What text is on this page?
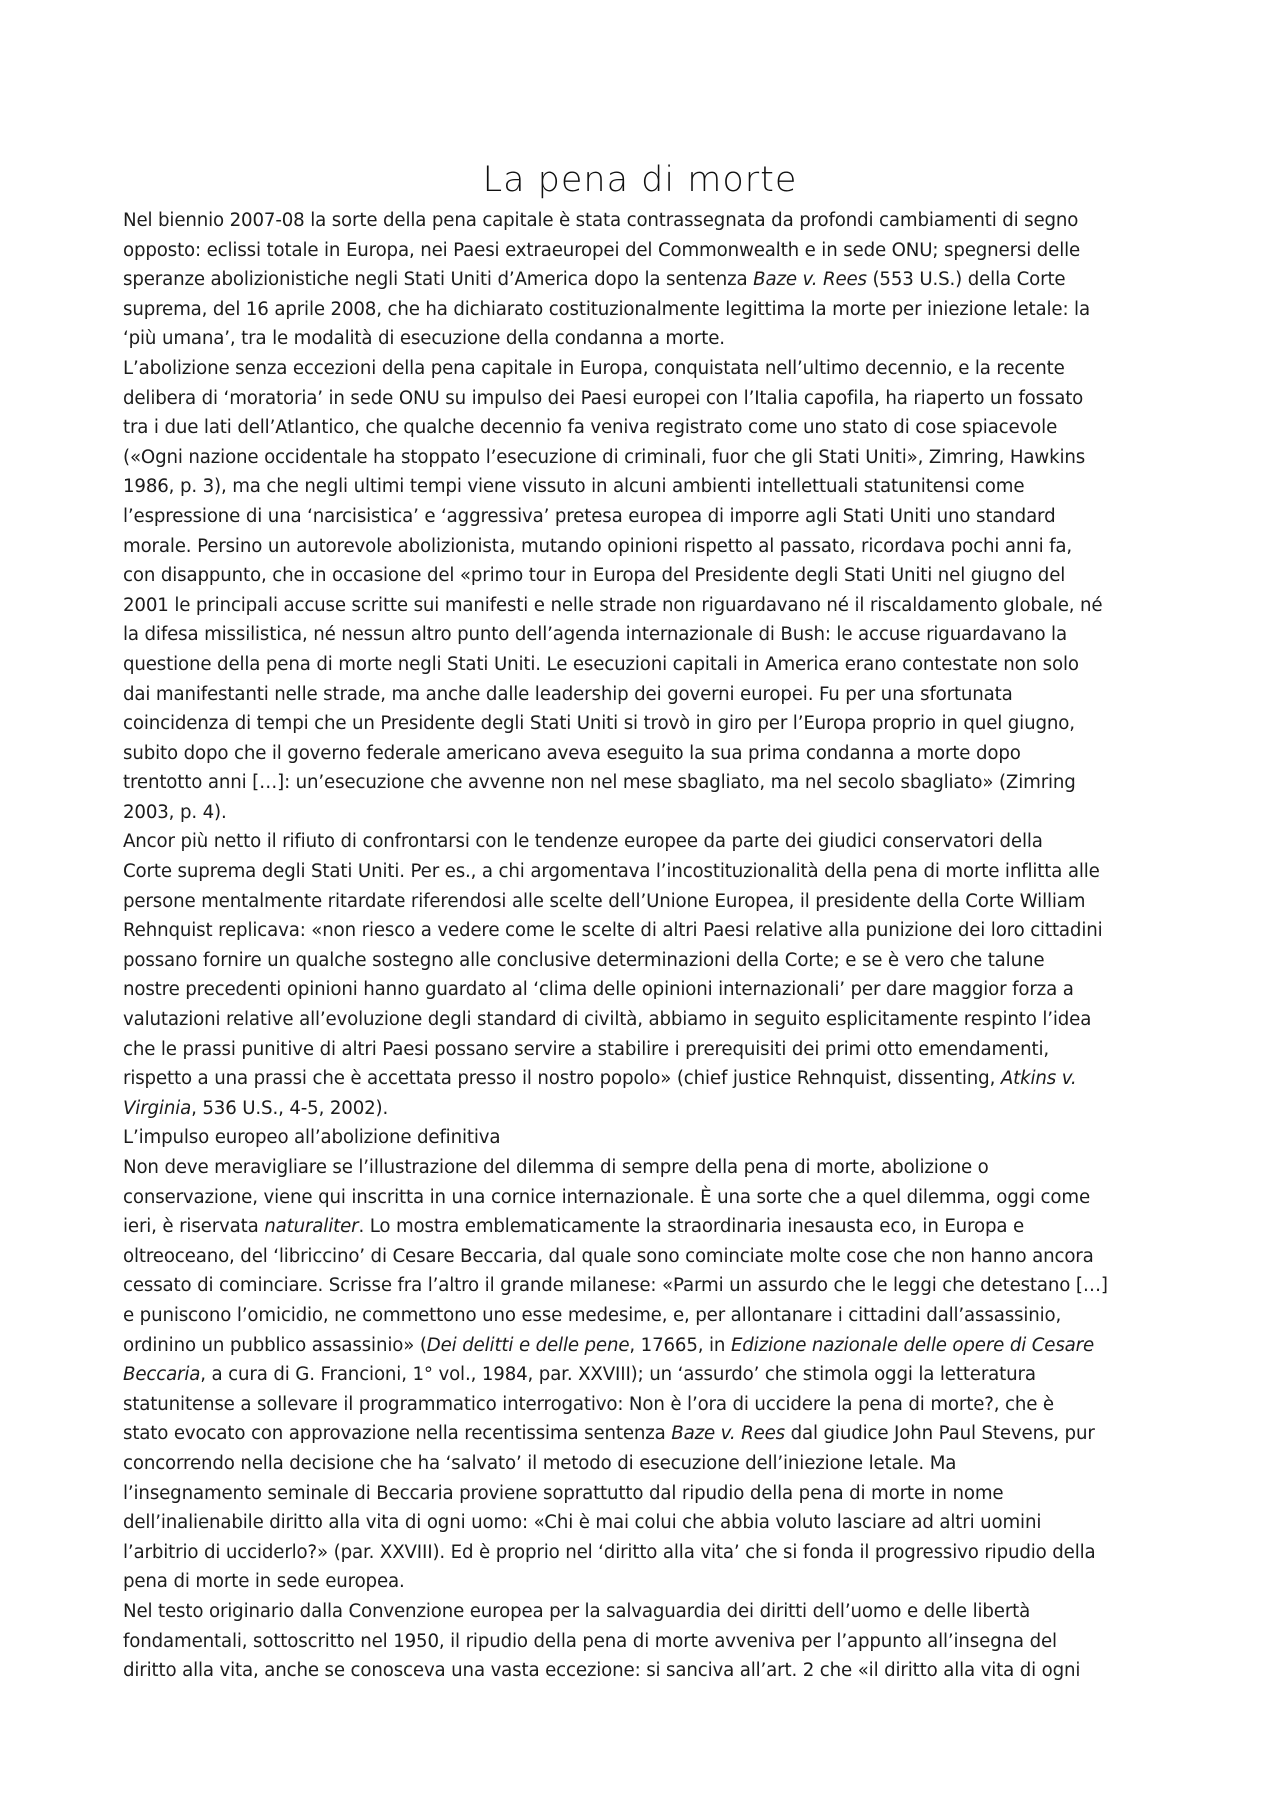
La pena di morte

Nel biennio 2007-08 la sorte della pena capitale è stata contrassegnata da profondi cambiamenti di segno
opposto: eclissi totale in Europa, nei Paesi extraeuropei del Commonwealth e in sede ONU; spegnersi delle
speranze abolizionistiche negli Stati Uniti d’America dopo la sentenza Baze v. Rees (553 U.S.) della Corte
suprema, del 16 aprile 2008, che ha dichiarato costituzionalmente legittima la morte per iniezione letale: la
‘più umana’, tra le modalità di esecuzione della condanna a morte.

L’abolizione senza eccezioni della pena capitale in Europa, conquistata nell’ultimo decennio, e la recente
delibera di ‘moratoria’ in sede ONU su impulso dei Paesi europei con l’Italia capofila, ha riaperto un fossato
tra i due lati dell’Atlantico, che qualche decennio fa veniva registrato come uno stato di cose spiacevole
(«Ogni nazione occidentale ha stoppato l’esecuzione di criminali, fuor che gli Stati Uniti», Zimring, Hawkins
1986, p. 3), ma che negli ultimi tempi viene vissuto in alcuni ambienti intellettuali statunitensi come
l’espressione di una ‘narcisistica’ e ‘aggressiva’ pretesa europea di imporre agli Stati Uniti uno standard
morale. Persino un autorevole abolizionista, mutando opinioni rispetto al passato, ricordava pochi anni fa,
con disappunto, che in occasione del «primo tour in Europa del Presidente degli Stati Uniti nel giugno del
2001 le principali accuse scritte sui manifesti e nelle strade non riguardavano né il riscaldamento globale, né
la difesa missilistica, né nessun altro punto dell’agenda internazionale di Bush: le accuse riguardavano la
questione della pena di morte negli Stati Uniti. Le esecuzioni capitali in America erano contestate non solo
dai manifestanti nelle strade, ma anche dalle leadership dei governi europei. Fu per una sfortunata
coincidenza di tempi che un Presidente degli Stati Uniti si trovò in giro per l’Europa proprio in quel giugno,
subito dopo che il governo federale americano aveva eseguito la sua prima condanna a morte dopo
trentotto anni […]: un’esecuzione che avvenne non nel mese sbagliato, ma nel secolo sbagliato» (Zimring
2003, p. 4).

Ancor più netto il rifiuto di confrontarsi con le tendenze europee da parte dei giudici conservatori della
Corte suprema degli Stati Uniti. Per es., a chi argomentava l’incostituzionalità della pena di morte inflitta alle
persone mentalmente ritardate riferendosi alle scelte dell’Unione Europea, il presidente della Corte William
Rehnquist replicava: «non riesco a vedere come le scelte di altri Paesi relative alla punizione dei loro cittadini
possano fornire un qualche sostegno alle conclusive determinazioni della Corte; e se è vero che talune
nostre precedenti opinioni hanno guardato al ‘clima delle opinioni internazionali’ per dare maggior forza a
valutazioni relative all’evoluzione degli standard di civiltà, abbiamo in seguito esplicitamente respinto l’idea
che le prassi punitive di altri Paesi possano servire a stabilire i prerequisiti dei primi otto emendamenti,
rispetto a una prassi che è accettata presso il nostro popolo» (chief justice Rehnquist, dissenting, Atkins v.
Virginia, 536 U.S., 4-5, 2002).

L’impulso europeo all’abolizione definitiva

Non deve meravigliare se l’illustrazione del dilemma di sempre della pena di morte, abolizione o
conservazione, viene qui inscritta in una cornice internazionale. È una sorte che a quel dilemma, oggi come
ieri, è riservata naturaliter. Lo mostra emblematicamente la straordinaria inesausta eco, in Europa e
oltreoceano, del ‘libriccino’ di Cesare Beccaria, dal quale sono cominciate molte cose che non hanno ancora
cessato di cominciare. Scrisse fra l’altro il grande milanese: «Parmi un assurdo che le leggi che detestano […]
e puniscono l’omicidio, ne commettono uno esse medesime, e, per allontanare i cittadini dall’assassinio,
ordinino un pubblico assassinio» (Dei delitti e delle pene, 17665, in Edizione nazionale delle opere di Cesare
Beccaria, a cura di G. Francioni, 1° vol., 1984, par. XXVIII); un ‘assurdo’ che stimola oggi la letteratura
statunitense a sollevare il programmatico interrogativo: Non è l’ora di uccidere la pena di morte?, che è
stato evocato con approvazione nella recentissima sentenza Baze v. Rees dal giudice John Paul Stevens, pur
concorrendo nella decisione che ha ‘salvato’ il metodo di esecuzione dell’iniezione letale. Ma
l’insegnamento seminale di Beccaria proviene soprattutto dal ripudio della pena di morte in nome
dell’inalienabile diritto alla vita di ogni uomo: «Chi è mai colui che abbia voluto lasciare ad altri uomini
l’arbitrio di ucciderlo?» (par. XXVIII). Ed è proprio nel ‘diritto alla vita’ che si fonda il progressivo ripudio della
pena di morte in sede europea.

Nel testo originario dalla Convenzione europea per la salvaguardia dei diritti dell’uomo e delle libertà
fondamentali, sottoscritto nel 1950, il ripudio della pena di morte avveniva per l’appunto all’insegna del
diritto alla vita, anche se conosceva una vasta eccezione: si sanciva all’art. 2 che «il diritto alla vita di ogni
